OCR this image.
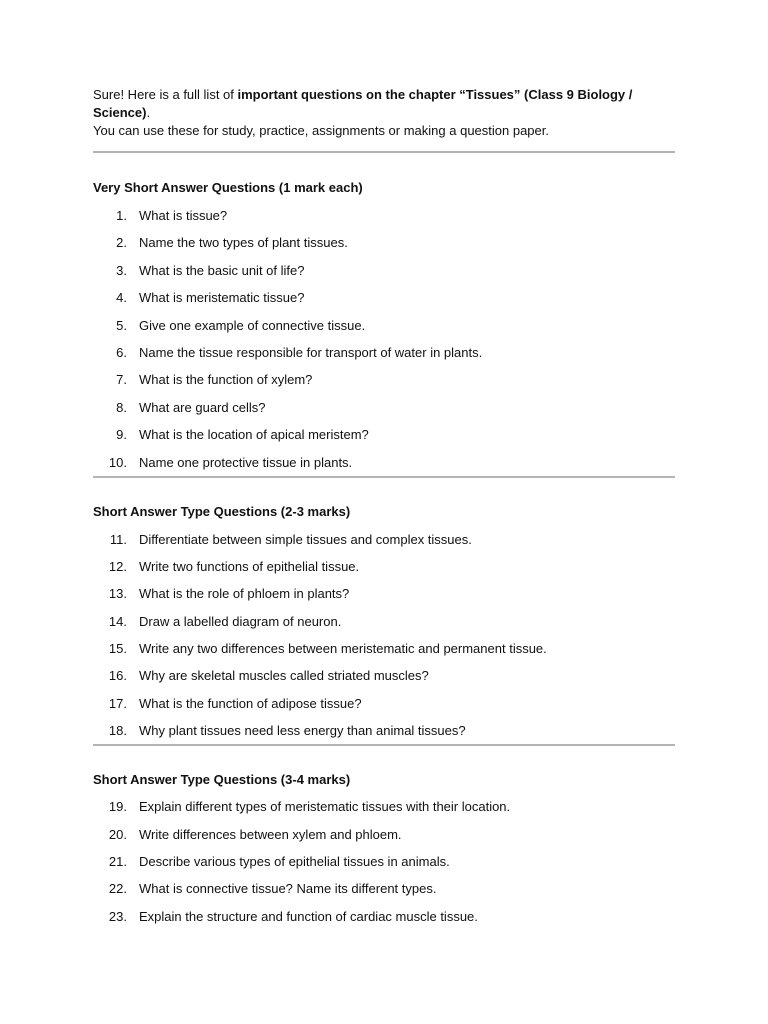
Sure! Here is a full list of important questions on the chapter “Tissues” (Class 9 Biology / Science).
You can use these for study, practice, assignments or making a question paper.

Very Short Answer Questions (1 mark each)

1. What is tissue?
2. Name the two types of plant tissues.
3. What is the basic unit of life?
4. What is meristematic tissue?
5. Give one example of connective tissue.
6. Name the tissue responsible for transport of water in plants.
7. What is the function of xylem?
8. What are guard cells?
9. What is the location of apical meristem?
10. Name one protective tissue in plants.

Short Answer Type Questions (2-3 marks)

11. Differentiate between simple tissues and complex tissues.
12. Write two functions of epithelial tissue.
13. What is the role of phloem in plants?
14. Draw a labelled diagram of neuron.
15. Write any two differences between meristematic and permanent tissue.
16. Why are skeletal muscles called striated muscles?
17. What is the function of adipose tissue?
18. Why plant tissues need less energy than animal tissues?

Short Answer Type Questions (3-4 marks)

19. Explain different types of meristematic tissues with their location.
20. Write differences between xylem and phloem.
21. Describe various types of epithelial tissues in animals.
22. What is connective tissue? Name its different types.
23. Explain the structure and function of cardiac muscle tissue.
